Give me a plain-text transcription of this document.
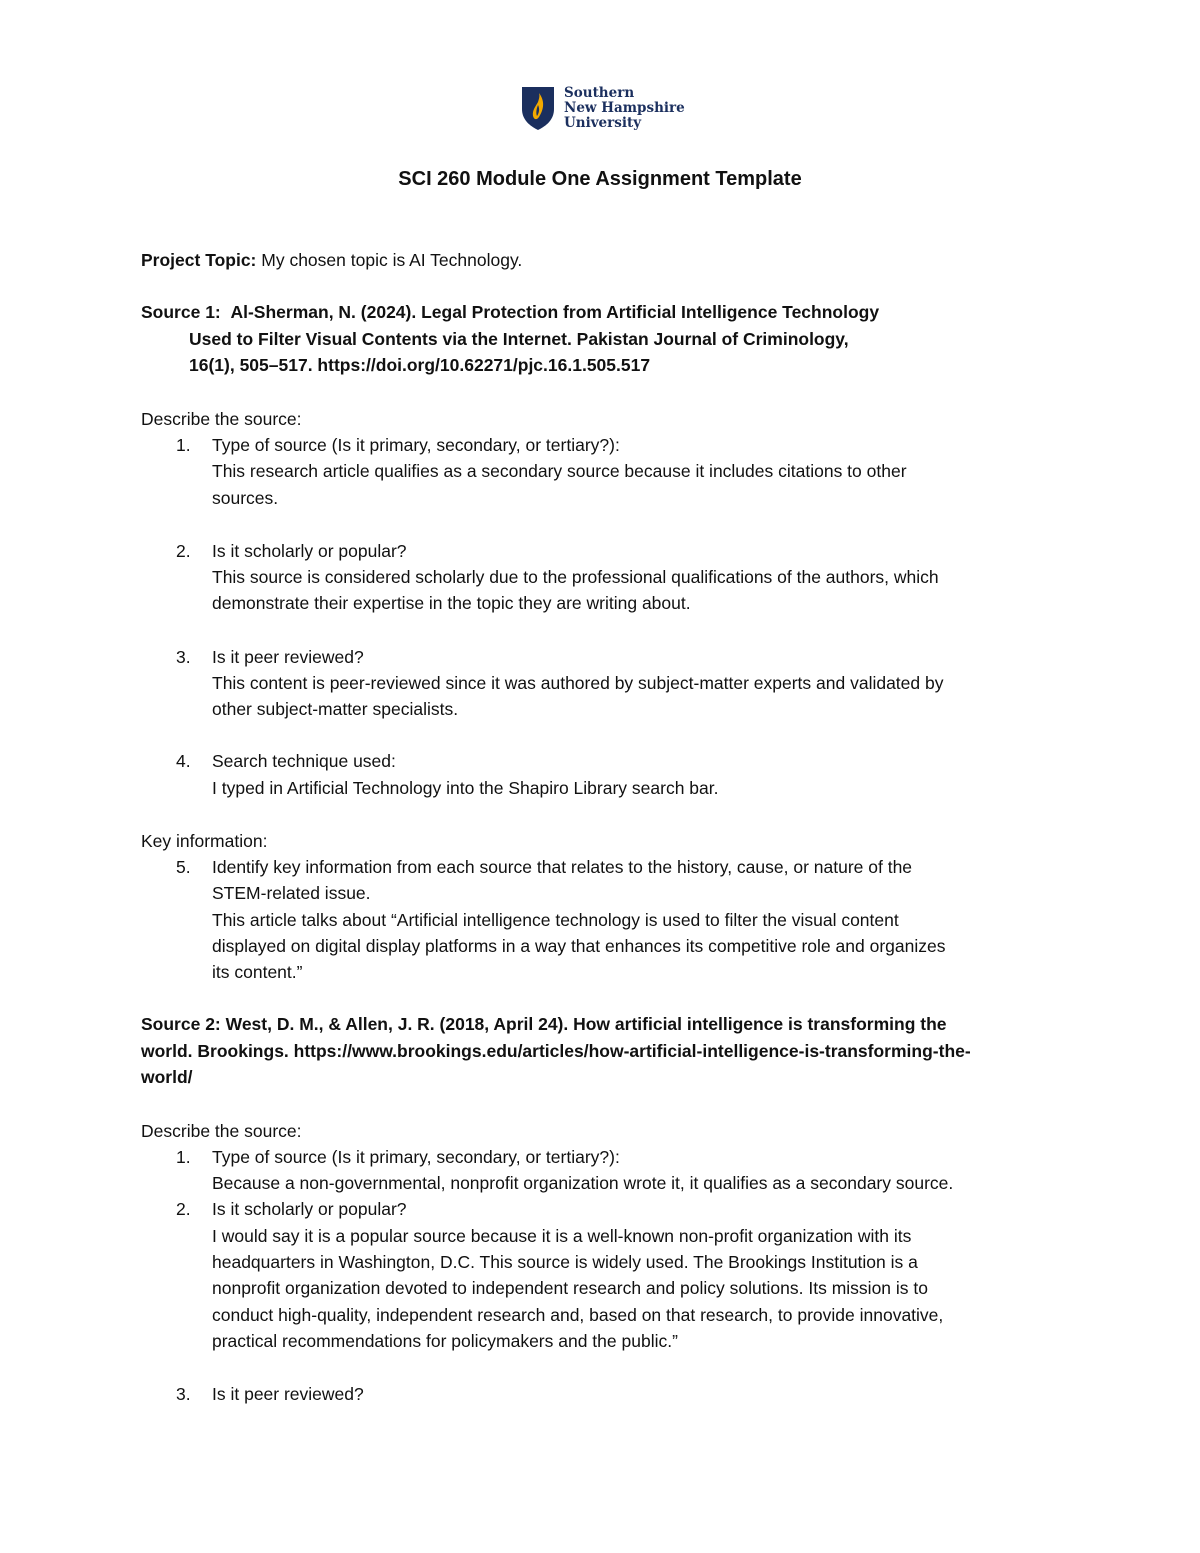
Southern
New Hampshire
University
SCI 260 Module One Assignment Template
Project Topic: My chosen topic is AI Technology.
Source 1: Al-Sherman, N. (2024). Legal Protection from Artificial Intelligence Technology
Used to Filter Visual Contents via the Internet. Pakistan Journal of Criminology,
16(1), 505–517. https://doi.org/10.62271/pjc.16.1.505.517
Describe the source:
1. Type of source (Is it primary, secondary, or tertiary?):
This research article qualifies as a secondary source because it includes citations to other
sources.
2. Is it scholarly or popular?
This source is considered scholarly due to the professional qualifications of the authors, which
demonstrate their expertise in the topic they are writing about.
3. Is it peer reviewed?
This content is peer-reviewed since it was authored by subject-matter experts and validated by
other subject-matter specialists.
4. Search technique used:
I typed in Artificial Technology into the Shapiro Library search bar.
Key information:
5. Identify key information from each source that relates to the history, cause, or nature of the
STEM-related issue.
This article talks about “Artificial intelligence technology is used to filter the visual content
displayed on digital display platforms in a way that enhances its competitive role and organizes
its content.”
Source 2: West, D. M., & Allen, J. R. (2018, April 24). How artificial intelligence is transforming the
world. Brookings. https://www.brookings.edu/articles/how-artificial-intelligence-is-transforming-the-
world/
Describe the source:
1. Type of source (Is it primary, secondary, or tertiary?):
Because a non-governmental, nonprofit organization wrote it, it qualifies as a secondary source.
2. Is it scholarly or popular?
I would say it is a popular source because it is a well-known non-profit organization with its
headquarters in Washington, D.C. This source is widely used. The Brookings Institution is a
nonprofit organization devoted to independent research and policy solutions. Its mission is to
conduct high-quality, independent research and, based on that research, to provide innovative,
practical recommendations for policymakers and the public.”
3. Is it peer reviewed?
